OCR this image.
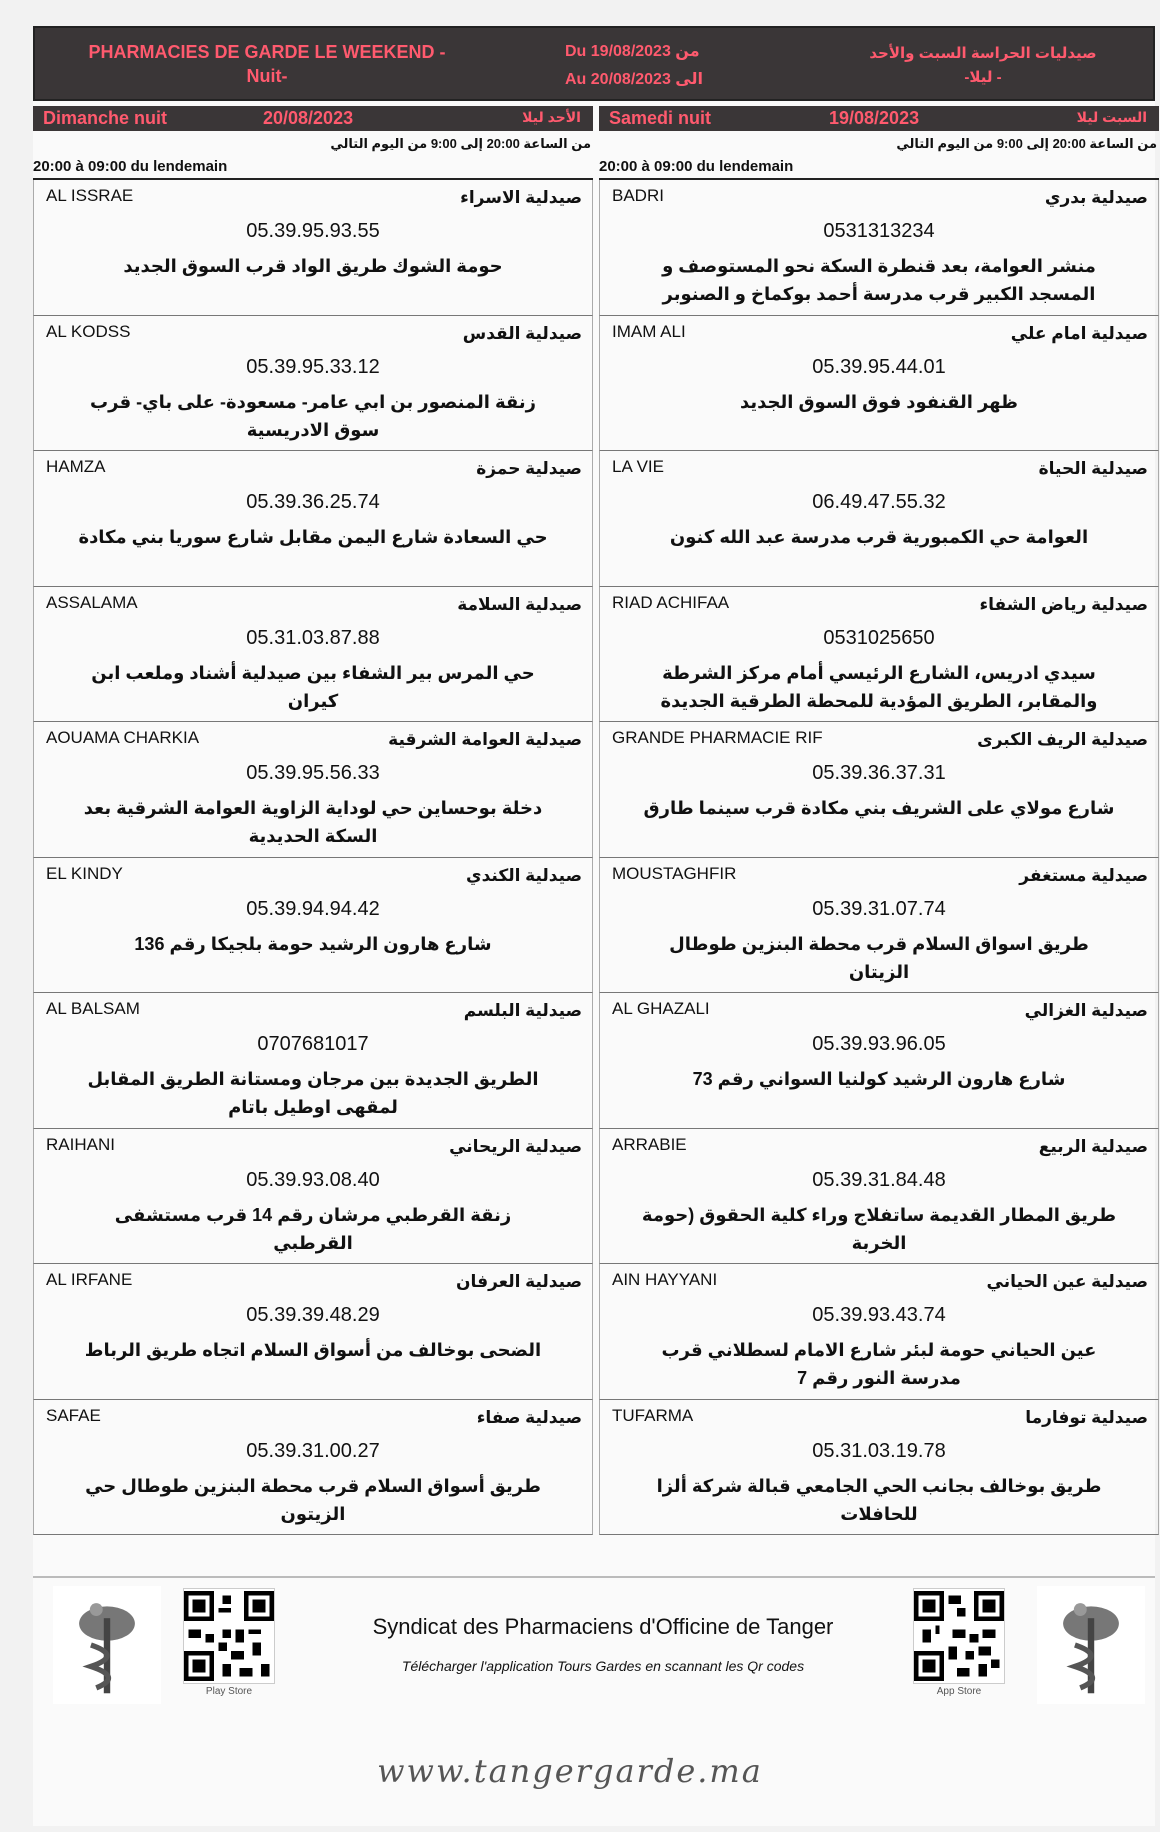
PHARMACIES DE GARDE LE WEEKEND -
Nuit-
Du 19/08/2023 من
Au 20/08/2023 الى
صيدليات الحراسة السبت والأحد
- ليلا-
Dimanche nuit	20/08/2023	الأحد ليلا
من الساعة 20:00 إلى 9:00 من اليوم التالي
20:00 à 09:00 du lendemain
AL ISSRAE	صيدلية الاسراء
05.39.95.93.55
حومة الشوك طريق الواد قرب السوق الجديد
AL KODSS	صيدلية القدس
05.39.95.33.12
زنقة المنصور بن ابي عامر- مسعودة- على باي- قرب سوق الادريسية
HAMZA	صيدلية حمزة
05.39.36.25.74
حي السعادة شارع اليمن مقابل شارع سوريا بني مكادة
ASSALAMA	صيدلية السلامة
05.31.03.87.88
حي المرس بير الشفاء بين صيدلية أشناد وملعب ابن كيران
AOUAMA CHARKIA	صيدلية العوامة الشرقية
05.39.95.56.33
دخلة بوحساين حي لوداية الزاوية العوامة الشرقية بعد السكة الحديدية
EL KINDY	صيدلية الكندي
05.39.94.94.42
شارع هارون الرشيد حومة بلجيكا رقم 136
AL BALSAM	صيدلية البلسم
0707681017
الطريق الجديدة بين مرجان ومستانة الطريق المقابل لمقهى اوطيل باتام
RAIHANI	صيدلية الريحاني
05.39.93.08.40
زنقة القرطبي مرشان رقم 14 قرب مستشفى القرطبي
AL IRFANE	صيدلية العرفان
05.39.39.48.29
الضحى بوخالف من أسواق السلام اتجاه طريق الرباط
SAFAE	صيدلية صفاء
05.39.31.00.27
طريق أسواق السلام قرب محطة البنزين طوطال حي الزيتون
Samedi nuit	19/08/2023	السبت ليلا
من الساعة 20:00 إلى 9:00 من اليوم التالي
20:00 à 09:00 du lendemain
BADRI	صيدلية بدري
0531313234
منشر العوامة، بعد قنطرة السكة نحو المستوصف و المسجد الكبير قرب مدرسة أحمد بوكماخ و الصنوبر
IMAM ALI	صيدلية امام علي
05.39.95.44.01
ظهر القنفود فوق السوق الجديد
LA VIE	صيدلية الحياة
06.49.47.55.32
العوامة حي الكمبورية قرب مدرسة عبد الله كنون
RIAD ACHIFAA	صيدلية رياض الشفاء
0531025650
سيدي ادريس، الشارع الرئيسي أمام مركز الشرطة والمقابر، الطريق المؤدية للمحطة الطرقية الجديدة
GRANDE PHARMACIE RIF	صيدلية الريف الكبرى
05.39.36.37.31
شارع مولاي على الشريف بني مكادة قرب سينما طارق
MOUSTAGHFIR	صيدلية مستغفر
05.39.31.07.74
طريق اسواق السلام قرب محطة البنزين طوطال الزيتان
AL GHAZALI	صيدلية الغزالي
05.39.93.96.05
شارع هارون الرشيد كولنيا السواني رقم 73
ARRABIE	صيدلية الربيع
05.39.31.84.48
طريق المطار القديمة ساتفلاج وراء كلية الحقوق (حومة الخربة
AIN HAYYANI	صيدلية عين الحياني
05.39.93.43.74
عين الحياني حومة لبئر شارع الامام لسطلاني قرب مدرسة النور رقم 7
TUFARMA	صيدلية توفارما
05.31.03.19.78
طريق بوخالف بجانب الحي الجامعي قبالة شركة ألزا للحافلات
Play Store
Syndicat des Pharmaciens d'Officine de Tanger
Télécharger l'application Tours Gardes en scannant les Qr codes
App Store
www.tangergarde.ma
